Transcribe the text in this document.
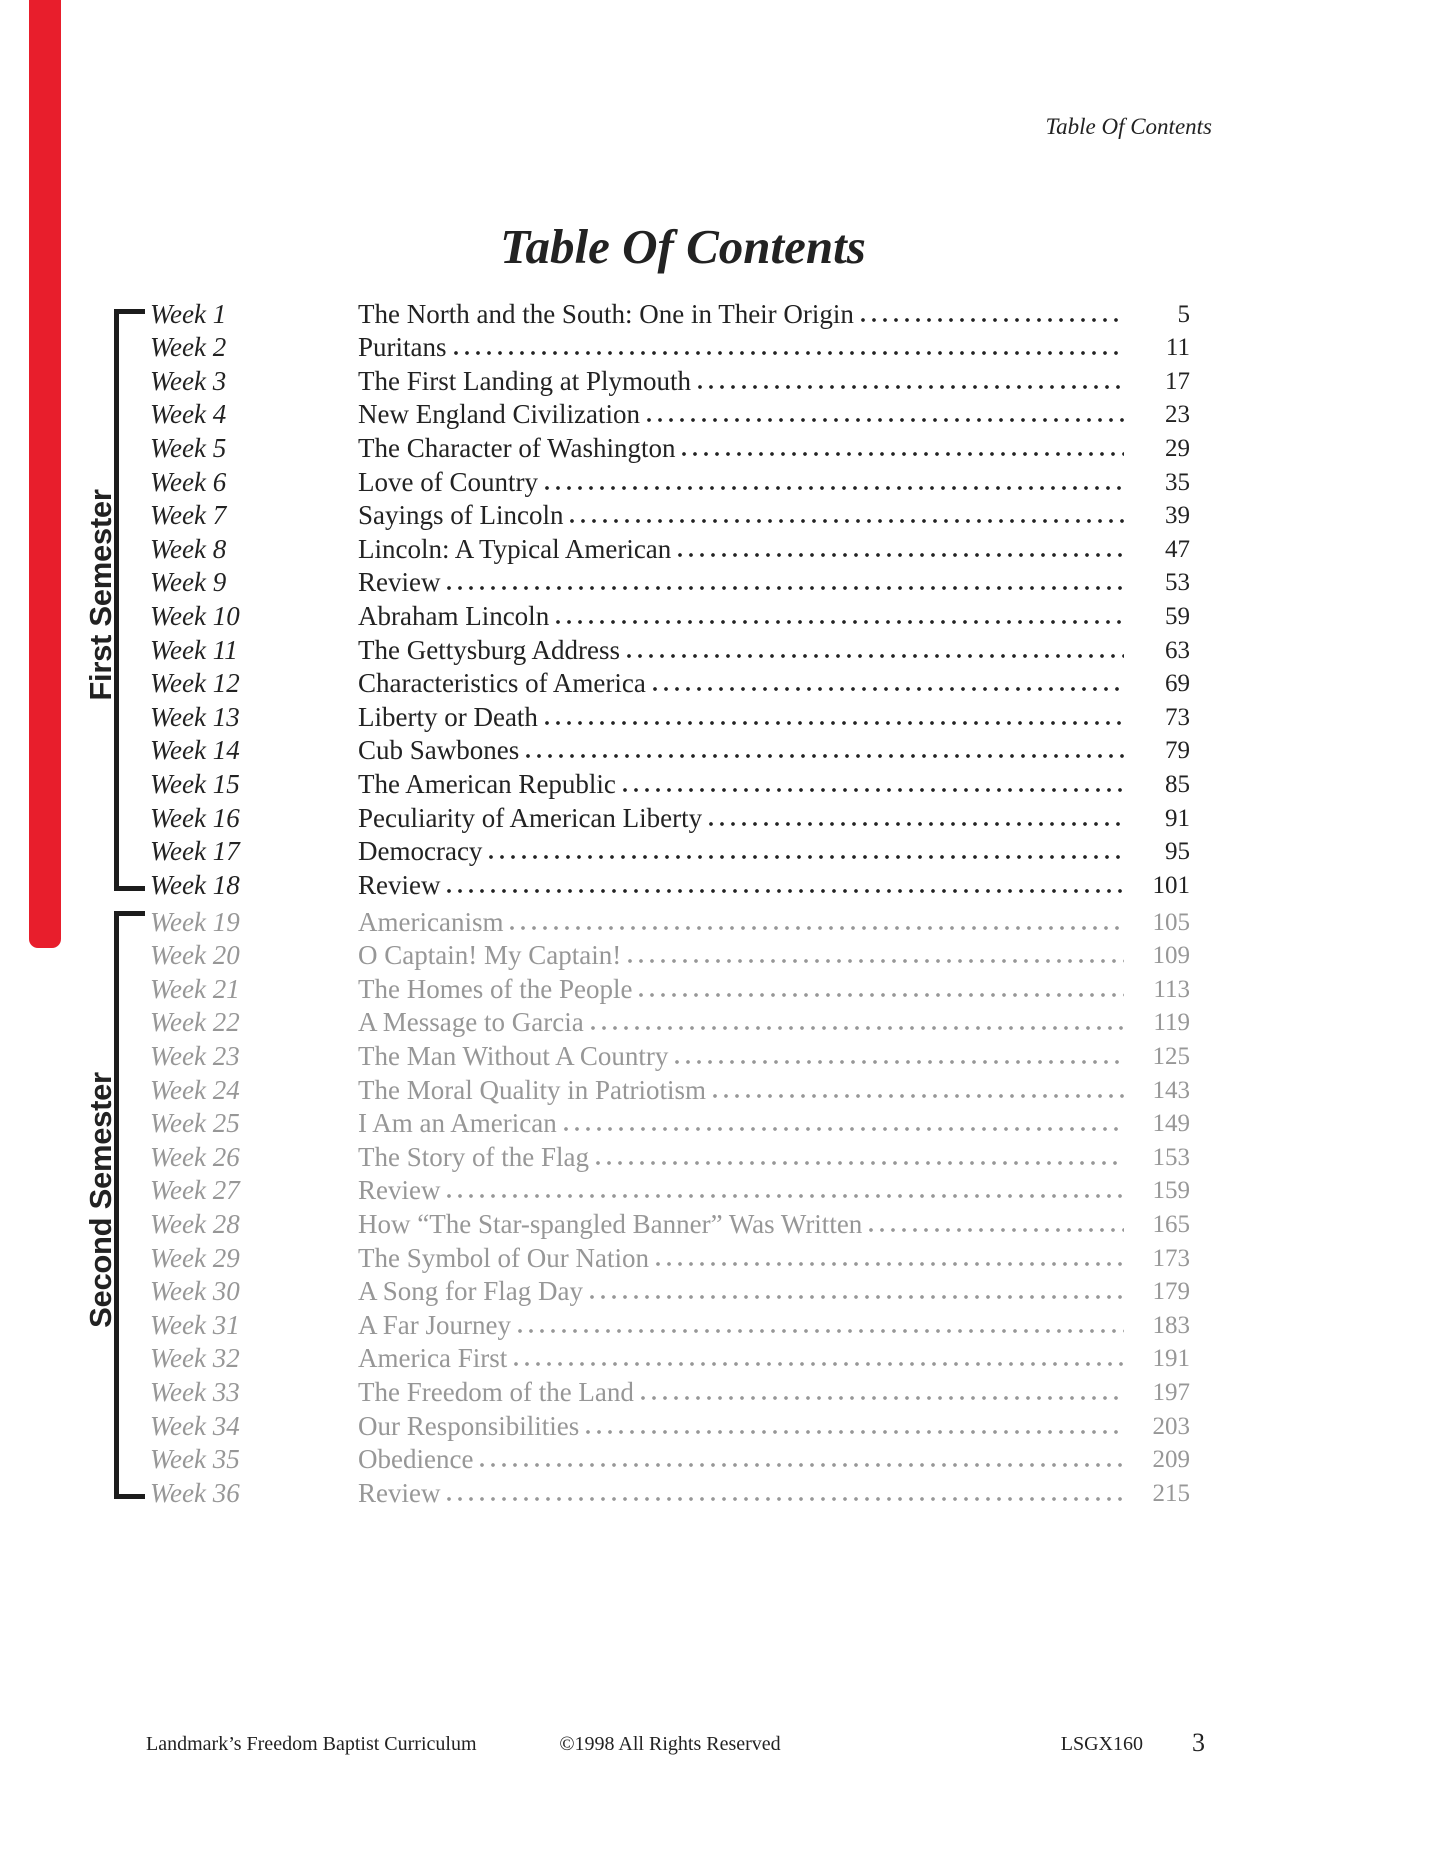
Table Of Contents
Table Of Contents
First Semester
Second Semester
Week 1	The North and the South: One in Their Origin	5
Week 2	Puritans	11
Week 3	The First Landing at Plymouth	17
Week 4	New England Civilization	23
Week 5	The Character of Washington	29
Week 6	Love of Country	35
Week 7	Sayings of Lincoln	39
Week 8	Lincoln: A Typical American	47
Week 9	Review	53
Week 10	Abraham Lincoln	59
Week 11	The Gettysburg Address	63
Week 12	Characteristics of America	69
Week 13	Liberty or Death	73
Week 14	Cub Sawbones	79
Week 15	The American Republic	85
Week 16	Peculiarity of American Liberty	91
Week 17	Democracy	95
Week 18	Review	101
Week 19	Americanism	105
Week 20	O Captain! My Captain!	109
Week 21	The Homes of the People	113
Week 22	A Message to Garcia	119
Week 23	The Man Without A Country	125
Week 24	The Moral Quality in Patriotism	143
Week 25	I Am an American	149
Week 26	The Story of the Flag	153
Week 27	Review	159
Week 28	How “The Star-spangled Banner” Was Written	165
Week 29	The Symbol of Our Nation	173
Week 30	A Song for Flag Day	179
Week 31	A Far Journey	183
Week 32	America First	191
Week 33	The Freedom of the Land	197
Week 34	Our Responsibilities	203
Week 35	Obedience	209
Week 36	Review	215
Landmark’s Freedom Baptist Curriculum	©1998 All Rights Reserved	LSGX160	3
